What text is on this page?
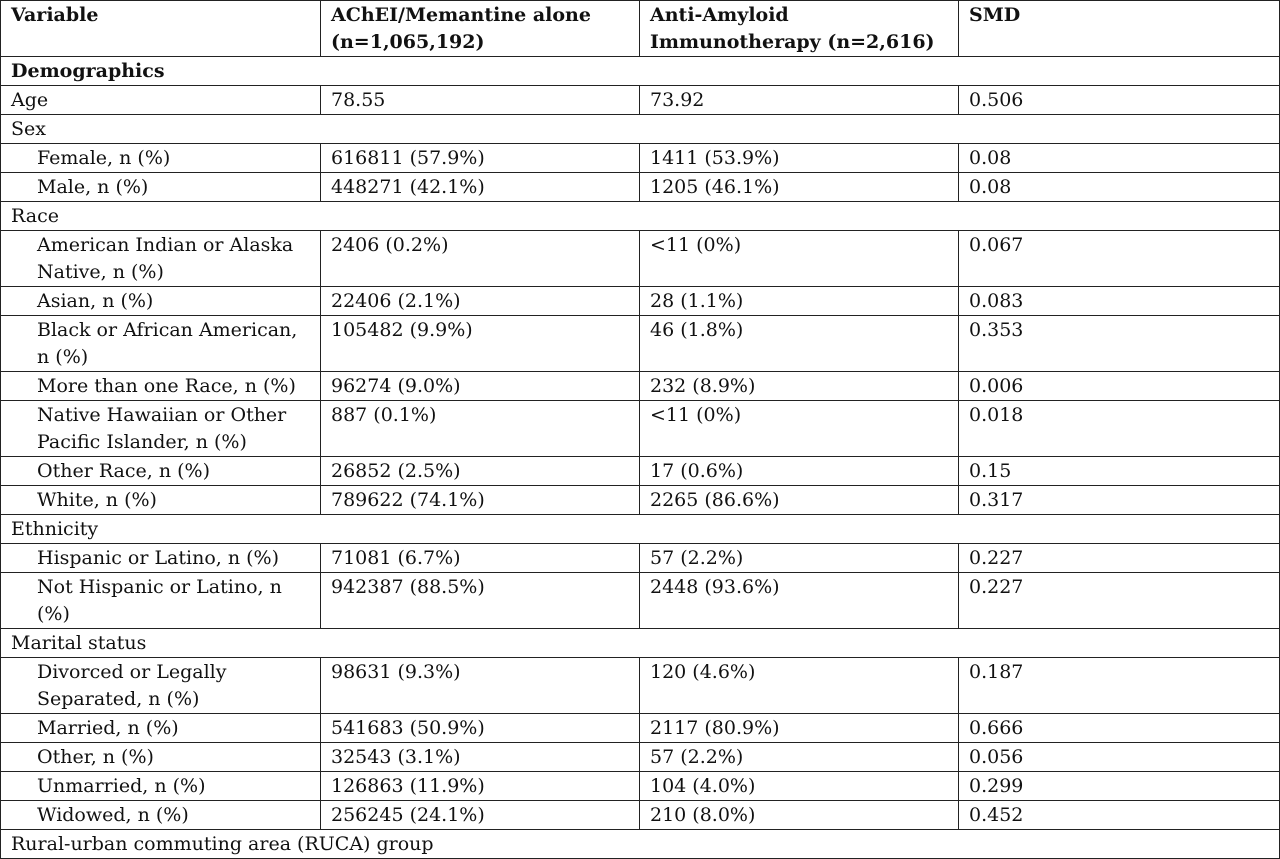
Variable	AChEI/Memantine alone (n=1,065,192)	Anti-Amyloid Immunotherapy (n=2,616)	SMD
Demographics			
Age	78.55	73.92	0.506
Sex			
Female, n (%)	616811 (57.9%)	1411 (53.9%)	0.08
Male, n (%)	448271 (42.1%)	1205 (46.1%)	0.08
Race			
American Indian or Alaska Native, n (%)	2406 (0.2%)	<11 (0%)	0.067
Asian, n (%)	22406 (2.1%)	28 (1.1%)	0.083
Black or African American, n (%)	105482 (9.9%)	46 (1.8%)	0.353
More than one Race, n (%)	96274 (9.0%)	232 (8.9%)	0.006
Native Hawaiian or Other Pacific Islander, n (%)	887 (0.1%)	<11 (0%)	0.018
Other Race, n (%)	26852 (2.5%)	17 (0.6%)	0.15
White, n (%)	789622 (74.1%)	2265 (86.6%)	0.317
Ethnicity			
Hispanic or Latino, n (%)	71081 (6.7%)	57 (2.2%)	0.227
Not Hispanic or Latino, n (%)	942387 (88.5%)	2448 (93.6%)	0.227
Marital status			
Divorced or Legally Separated, n (%)	98631 (9.3%)	120 (4.6%)	0.187
Married, n (%)	541683 (50.9%)	2117 (80.9%)	0.666
Other, n (%)	32543 (3.1%)	57 (2.2%)	0.056
Unmarried, n (%)	126863 (11.9%)	104 (4.0%)	0.299
Widowed, n (%)	256245 (24.1%)	210 (8.0%)	0.452
Rural-urban commuting area (RUCA) group			
